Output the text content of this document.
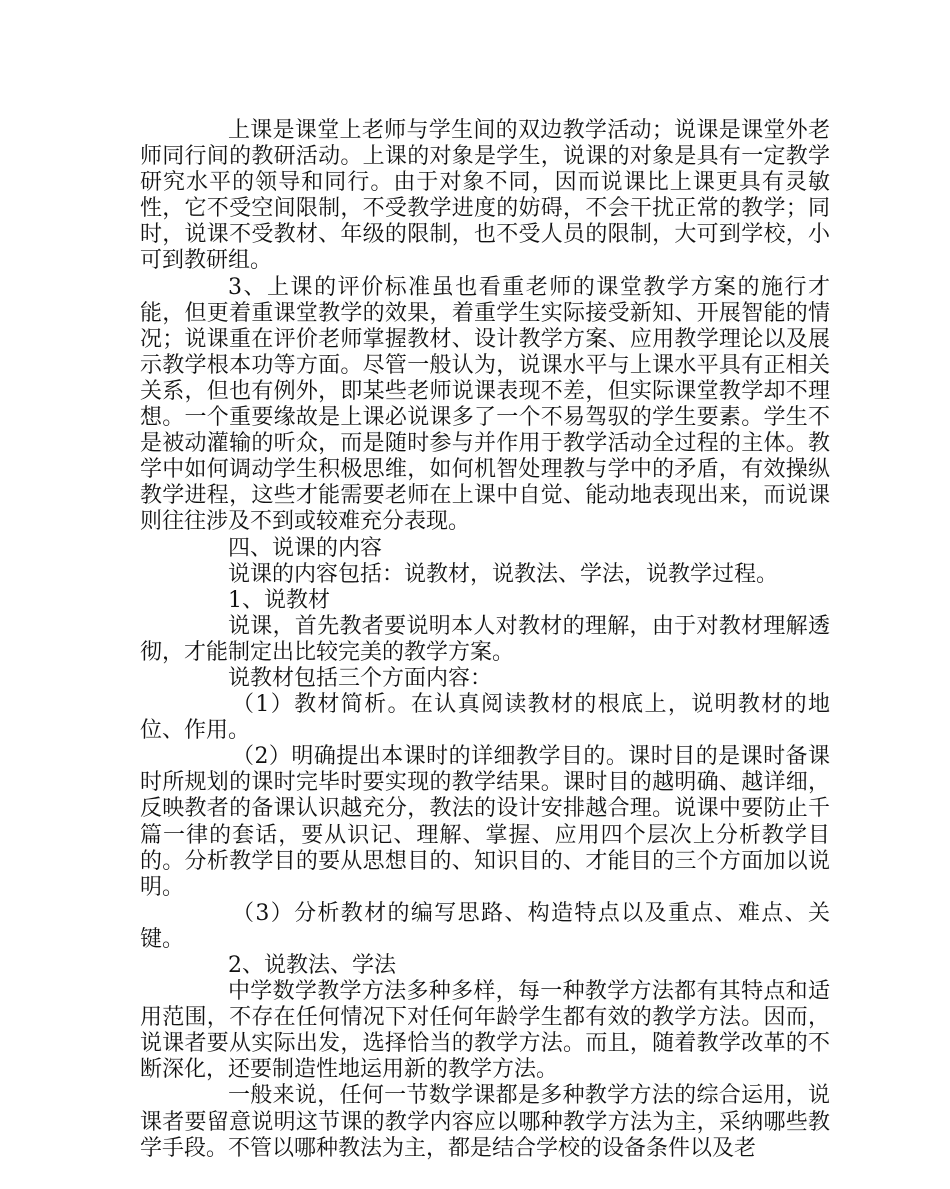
上课是课堂上老师与学生间的双边教学活动；说课是课堂外老师同行间的教研活动。上课的对象是学生，说课的对象是具有一定教学研究水平的领导和同行。由于对象不同，因而说课比上课更具有灵敏性，它不受空间限制，不受教学进度的妨碍，不会干扰正常的教学；同时，说课不受教材、年级的限制，也不受人员的限制，大可到学校，小可到教研组。

3、上课的评价标准虽也看重老师的课堂教学方案的施行才能，但更着重课堂教学的效果，着重学生实际接受新知、开展智能的情况；说课重在评价老师掌握教材、设计教学方案、应用教学理论以及展示教学根本功等方面。尽管一般认为，说课水平与上课水平具有正相关关系，但也有例外，即某些老师说课表现不差，但实际课堂教学却不理想。一个重要缘故是上课必说课多了一个不易驾驭的学生要素。学生不是被动灌输的听众，而是随时参与并作用于教学活动全过程的主体。教学中如何调动学生积极思维，如何机智处理教与学中的矛盾，有效操纵教学进程，这些才能需要老师在上课中自觉、能动地表现出来，而说课则往往涉及不到或较难充分表现。

四、说课的内容

说课的内容包括：说教材，说教法、学法，说教学过程。

1、说教材

说课，首先教者要说明本人对教材的理解，由于对教材理解透彻，才能制定出比较完美的教学方案。

说教材包括三个方面内容：

（1）教材简析。在认真阅读教材的根底上，说明教材的地位、作用。

（2）明确提出本课时的详细教学目的。课时目的是课时备课时所规划的课时完毕时要实现的教学结果。课时目的越明确、越详细，反映教者的备课认识越充分，教法的设计安排越合理。说课中要防止千篇一律的套话，要从识记、理解、掌握、应用四个层次上分析教学目的。分析教学目的要从思想目的、知识目的、才能目的三个方面加以说明。

（3）分析教材的编写思路、构造特点以及重点、难点、关键。

2、说教法、学法

中学数学教学方法多种多样，每一种教学方法都有其特点和适用范围，不存在任何情况下对任何年龄学生都有效的教学方法。因而，说课者要从实际出发，选择恰当的教学方法。而且，随着教学改革的不断深化，还要制造性地运用新的教学方法。

一般来说，任何一节数学课都是多种教学方法的综合运用，说课者要留意说明这节课的教学内容应以哪种教学方法为主，采纳哪些教学手段。不管以哪种教法为主，都是结合学校的设备条件以及老
